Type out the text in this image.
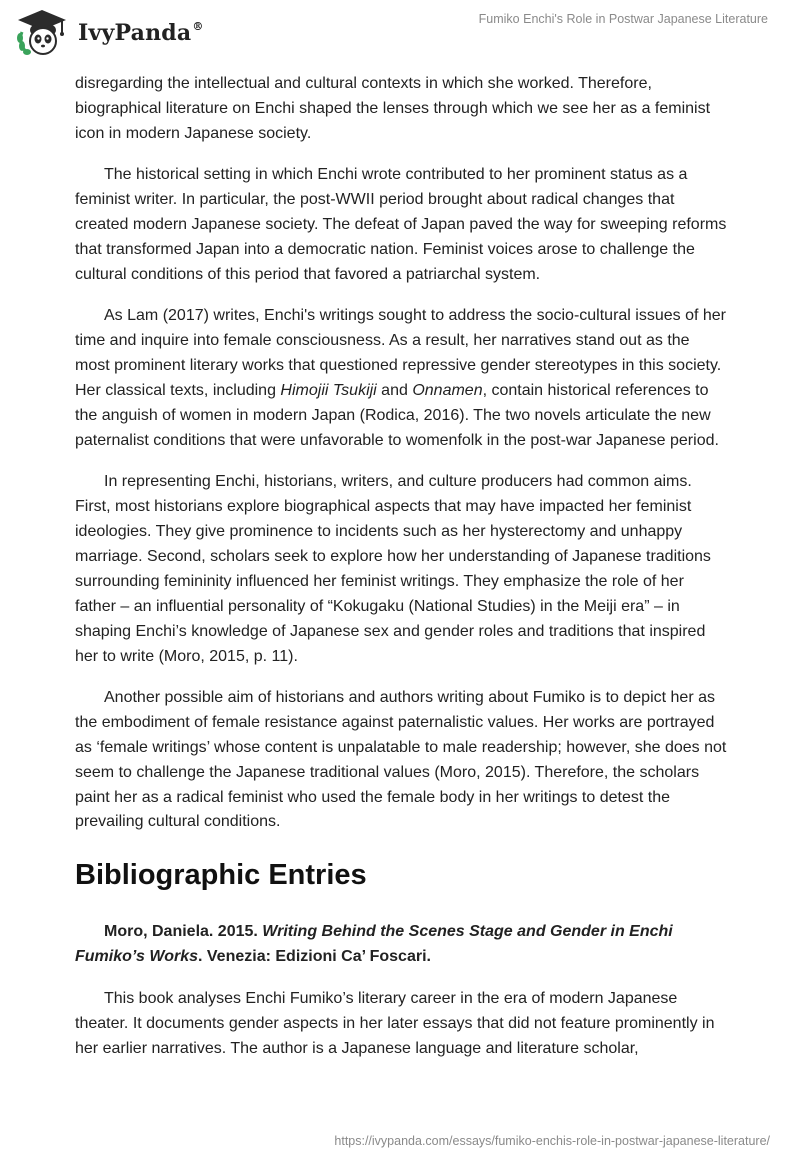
IvyPanda®
Fumiko Enchi's Role in Postwar Japanese Literature

disregarding the intellectual and cultural contexts in which she worked. Therefore, biographical literature on Enchi shaped the lenses through which we see her as a feminist icon in modern Japanese society.

The historical setting in which Enchi wrote contributed to her prominent status as a feminist writer. In particular, the post-WWII period brought about radical changes that created modern Japanese society. The defeat of Japan paved the way for sweeping reforms that transformed Japan into a democratic nation. Feminist voices arose to challenge the cultural conditions of this period that favored a patriarchal system.

As Lam (2017) writes, Enchi's writings sought to address the socio-cultural issues of her time and inquire into female consciousness. As a result, her narratives stand out as the most prominent literary works that questioned repressive gender stereotypes in this society. Her classical texts, including Himojii Tsukiji and Onnamen, contain historical references to the anguish of women in modern Japan (Rodica, 2016). The two novels articulate the new paternalist conditions that were unfavorable to womenfolk in the post-war Japanese period.

In representing Enchi, historians, writers, and culture producers had common aims. First, most historians explore biographical aspects that may have impacted her feminist ideologies. They give prominence to incidents such as her hysterectomy and unhappy marriage. Second, scholars seek to explore how her understanding of Japanese traditions surrounding femininity influenced her feminist writings. They emphasize the role of her father – an influential personality of “Kokugaku (National Studies) in the Meiji era” – in shaping Enchi’s knowledge of Japanese sex and gender roles and traditions that inspired her to write (Moro, 2015, p. 11).

Another possible aim of historians and authors writing about Fumiko is to depict her as the embodiment of female resistance against paternalistic values. Her works are portrayed as ‘female writings’ whose content is unpalatable to male readership; however, she does not seem to challenge the Japanese traditional values (Moro, 2015). Therefore, the scholars paint her as a radical feminist who used the female body in her writings to detest the prevailing cultural conditions.

Bibliographic Entries

Moro, Daniela. 2015. Writing Behind the Scenes Stage and Gender in Enchi Fumiko’s Works. Venezia: Edizioni Ca’ Foscari.

This book analyses Enchi Fumiko’s literary career in the era of modern Japanese theater. It documents gender aspects in her later essays that did not feature prominently in her earlier narratives. The author is a Japanese language and literature scholar,

https://ivypanda.com/essays/fumiko-enchis-role-in-postwar-japanese-literature/
